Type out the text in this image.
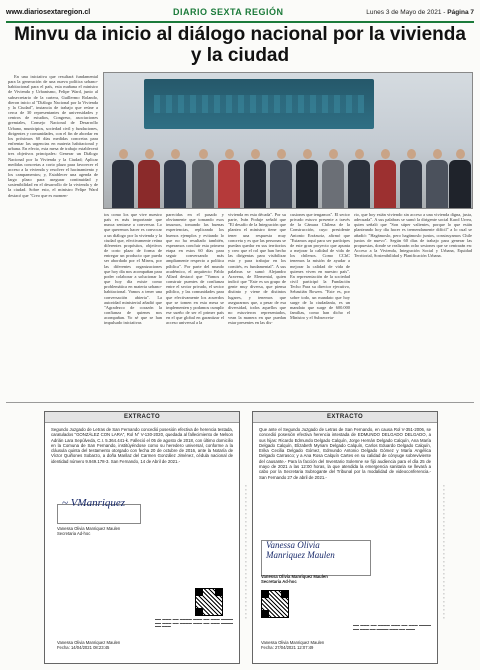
www.diariosextaregion.cl	DIARIO SEXTA REGIÓN	Lunes 3 de Mayo de 2021 - Página 7
Minvu da inicio al diálogo nacional por la vivienda y la ciudad

En una iniciativa que resultará fundamental para la generación de una nueva política urbano-habitacional para el país, esta mañana el ministro de Vivienda y Urbanismo, Felipe Ward, junto al subsecretario de la cartera, Guillermo Rolando, dieron inicio al "Diálogo Nacional por la Vivienda y la Ciudad", instancia de trabajo que reúne a cerca de 30 representantes de universidades y centros de estudios, Congreso, asociaciones gremiales, Consejo Nacional de Desarrollo Urbano, municipios, sociedad civil y fundaciones, dirigentes y comunidades, con el fin de abordar en los próximos 60 días medidas concretas para enfrentar las urgencias en materia habitacional y urbana. En efecto, esta mesa de trabajo establecerá tres objetivos principales: Generar un Diálogo Nacional por la Vivienda y la Ciudad; Aplicar medidas concretas a corto plazo para favorecer el acceso a la vivienda y resolver el hacinamiento y los campamentos; y, Establecer una agenda de largo plazo para asegurar continuidad y sostenibilidad en el desarrollo de la vivienda y de la ciudad. Sobre esto, el ministro Felipe Ward destacó que "Creo que es momen-

tos como los que vive nuestro país es más importante que nunca sentarse a conversar. Lo que queremos hacer es convocar a un diálogo por la vivienda y la ciudad que, efectivamente reúna diferentes propósitos, objetivos de corto plazo de forma de entregar un producto que pueda ser abordado por el Minvu, por las diferentes organizaciones que hoy día nos acompañan para poder colaborar a solucionar lo que hoy día existe como problemática en materia urbano-habitacional. Vamos a tener una conversación abierta". La autoridad ministerial añadió que "Agradezco de corazón la confianza de quienes nos acompañan. Yo sé que se han impulsado iniciativas

parecidas en el pasado y obviamente que tomando esos insumos, tomando las buenas experiencias, replicando los buenos ejemplos y evitando lo que no ha resultado también, esperamos concluir esta primera etapa en estos 60 días para seguir conversando más ampliamente respecto a política pública". Por parte del mundo académico, el arquitecto Pablo Allard destacó que "Vamos a construir puentes de confianza entre el sector privado, el sector público, y las comunidades para que efectivamente los acuerdos que se tomen en esta mesa se implementen y podamos cumplir ese sueño de ser el primer país en el que global en garantizar el acceso universal a la

vivienda en esta década". Por su parte, Iván Poduje señaló que "El desafío de la Integración que plantea el ministro tiene que tener una respuesta muy concreta y es que las personas se puedan quedar en sus territorios y creo que el rol que han hecho las dirigentas para visibilizar esto y para trabajar en los comités, es fundamental". A sus palabras se sumó Alejandro Aravena, de Elemental, quien indicó que "Este es un grupo de gente muy diversa, que piensa distinto y viene de distintos lugares, y tenemos que asegurarnos que, a pesar de esa diversidad, todos aquellos que no estuvieron representados, vean la manera en que puedan estar presentes en las dis-

cusiones que tengamos". El sector privado estuvo presente a través de la Cámara Chilena de la Construcción, cuyo presidente Antonio Errázuriz, afirmó que "Estamos aquí para ser partícipes de este gran proyecto que apunta a mejorar la calidad de vida de los chilenos. Como CChC tenemos la misión de ayudar a mejorar la calidad de vida de quienes viven en nuestro país". En representación de la sociedad civil participó la Fundación Techo Para su director ejecutivo, Sebastián Bowen. "Este es, por sobre todo, un mandato que hoy surge de la ciudadanía, es un mandato que surge de 600.000 familias, como han dicho el Ministro y el Subsecreta-

rio, que hoy están viviendo sin acceso a una vivienda digna, justa, adecuada". A sus palabras se sumó la dirigente social Karol Urrea, quien señaló que "Son súper valientes, porque lo que están planteando hoy día hacer es tremendamente difícil" a lo cual se añadió: "Hagámoslo, pero hagámoslo juntos, construyamos Chile juntos de nuevo". Según 60 días de trabajo para generar las propuestas, donde se realizarán ocho sesiones que se centrarán en: Acceso a la Vivienda, Integración Social y Urbana, Equidad Territorial, Sostenibilidad y Planificación Urbana.

EXTRACTO
Segundo Juzgado de Letras de San Fernando concedió posesión efectiva de herencia testada, caratulados "GONZÁLEZ CON LARA", Rol N° V-130-2020, quedada al fallecimiento de Nelson Adrián Lara Sepúlveda, C.I. 5.364.441-k. Falleció el 05 de agosto de 2018, con último domicilio en la Comuna de San Fernando, institúyéndose como su heredero universal, conforme a la cláusula quinta del testamento otorgado con fecha 20 de octubre de 2016, ante la Notaría de Víctor Quiñones Sobarzo, a doña Marilaz del Carmen González Jiménez, cédula nacional de identidad número 9.949.178-3. San Fernando, 14 de Abril de 2021.-
~ VManriquez
Vanessa Olivia Manriquez Maulen
Secretaria Ad-hoc
▬▬ ▬▬▬ ▬▬ ▬▬▬▬ ▬▬▬ ▬▬ ▬▬▬ ▬▬▬▬ ▬▬ ▬▬▬ ▬▬ ▬▬▬▬ ▬▬▬ ▬▬ ▬▬▬ ▬▬▬▬ ▬▬ ▬▬▬
Vanessa Olivia Manriquez Maulen
Fecha: 14/04/2021 08:23:45
▪▪▪▪▪▪▪▪▪▪▪▪▪▪▪▪▪▪▪▪▪▪▪▪▪▪▪▪▪▪▪▪▪▪	▪▪▪▪▪▪▪▪▪▪▪▪▪▪▪▪▪▪▪▪▪▪▪▪▪▪▪▪▪▪▪▪▪▪
EXTRACTO
Que ante el Segundo Juzgado de Letras de San Fernando, en causa Rol V-351-2006, se concedió posesión efectiva herencia intestada de EDMUNDO DELGADO DELGADO, a sus hijas: Ricardo Edmundo Delgado Calquín, Jorge Hernán Delgado Calquín, Ana María Delgado Calquín, Elizabeth Myriam Delgado Calquín, Carlos Eduardo Delgado Calquín, Erika Cecilia Delgado Gómez, Edmundo Antonio Delgado Gómez y María Angélica Delgado Carrasco; y a Ana Rosa Calquín Cartes en su calidad de cónyuge sobreviviente del causante.- Para la facción del Inventario Solemne se fijó audiencia para el día 25 de mayo de 2021 a las 12:00 horas, la que atendida la emergencia sanitaria se llevará a cabo por la Secretaria Subrogante del Tribunal por la modalidad de videoconferencia.- San Fernando 27 de abril de 2021.-
Vanessa Olivia
Manriquez Maulen
Vanessa Olivia Manriquez Maulen
Secretaria Ad-hoc
▬▬ ▬▬▬ ▬▬ ▬▬▬▬ ▬▬▬ ▬▬ ▬▬▬ ▬▬▬▬ ▬▬ ▬▬▬ ▬▬ ▬▬▬▬ ▬▬▬ ▬▬ ▬▬▬
Vanessa Olivia Manriquez Maulen
Fecha: 27/04/2021 12:07:49
